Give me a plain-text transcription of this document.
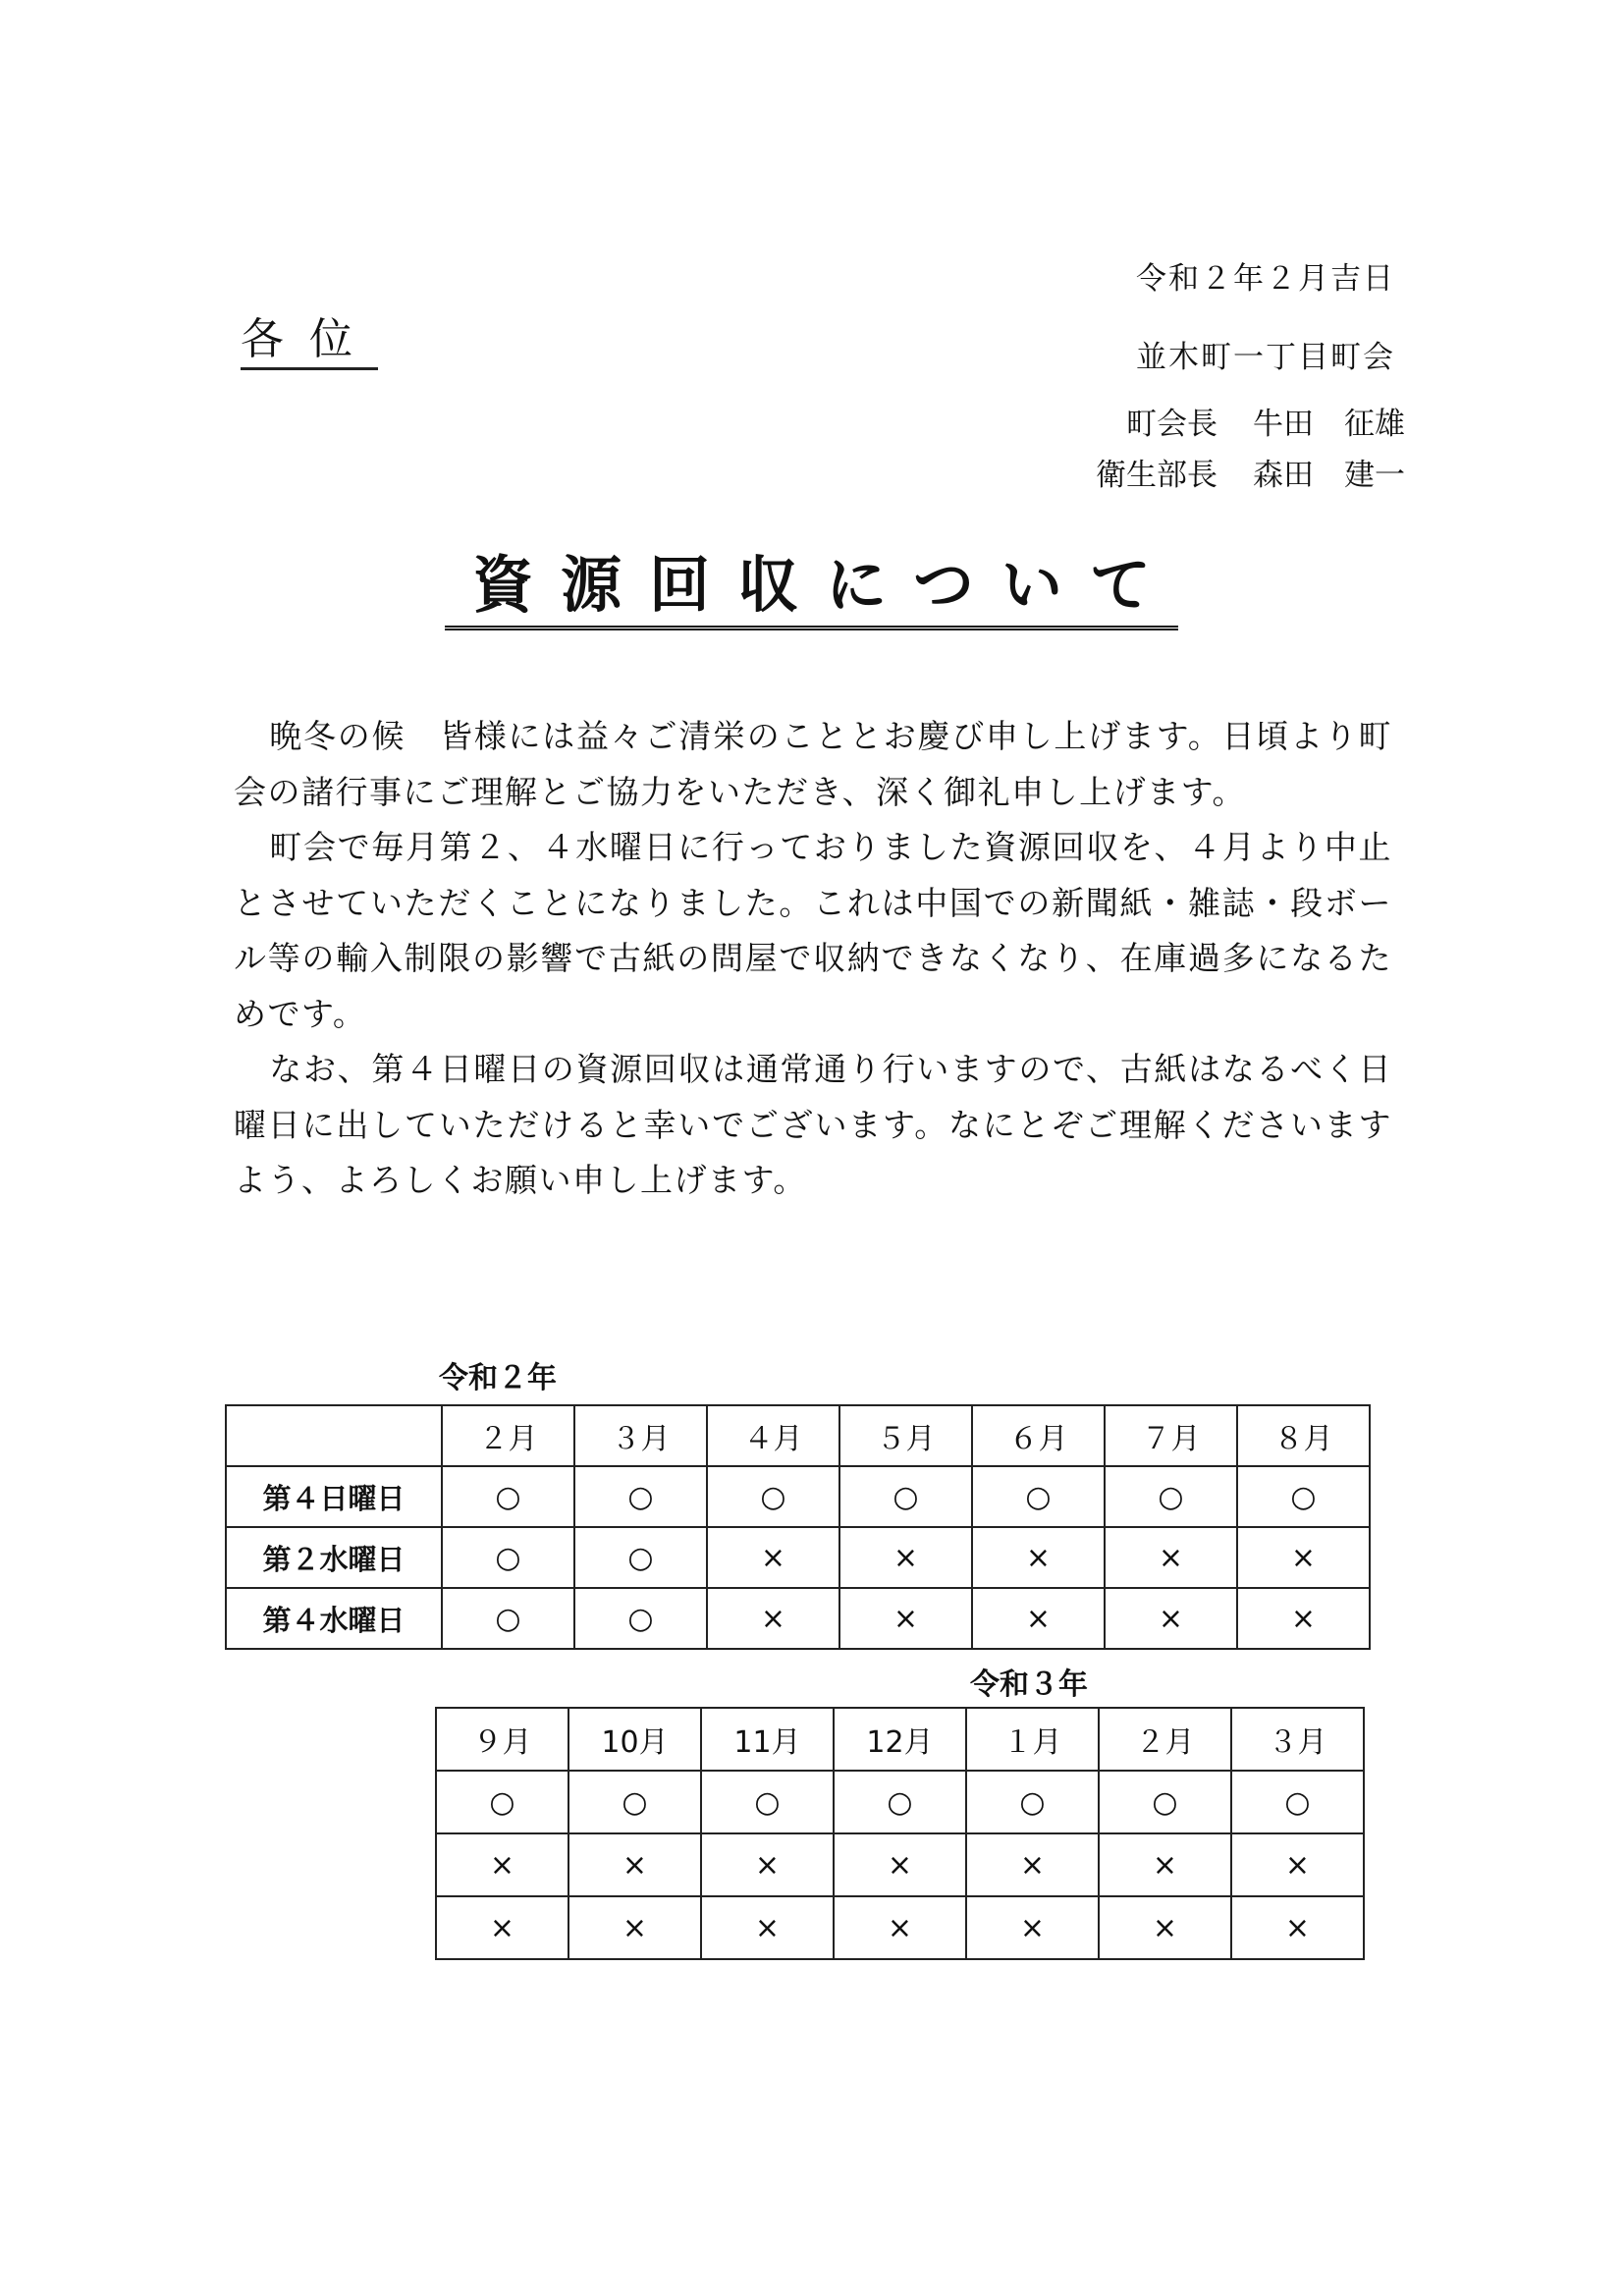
令和２年２月吉日

各位	並木町一丁目町会

町会長	牛田　征雄
衛生部長	森田　建一
資源回収について

晩冬の候　皆様には益々ご清栄のこととお慶び申し上げます。日頃より町会の諸行事にご理解とご協力をいただき、深く御礼申し上げます。

町会で毎月第２、４水曜日に行っておりました資源回収を、４月より中止とさせていただくことになりました。これは中国での新聞紙・雑誌・段ボール等の輸入制限の影響で古紙の問屋で収納できなくなり、在庫過多になるためです。

なお、第４日曜日の資源回収は通常通り行いますので、古紙はなるべく日曜日に出していただけると幸いでございます。なにとぞご理解くださいますよう、よろしくお願い申し上げます。

令和２年
	２月	３月	４月	５月	６月	７月	８月
第４日曜日	○	○	○	○	○	○	○
第２水曜日	○	○	×	×	×	×	×
第４水曜日	○	○	×	×	×	×	×
令和３年
９月	10月	11月	12月	１月	２月	３月
○	○	○	○	○	○	○
×	×	×	×	×	×	×
×	×	×	×	×	×	×
